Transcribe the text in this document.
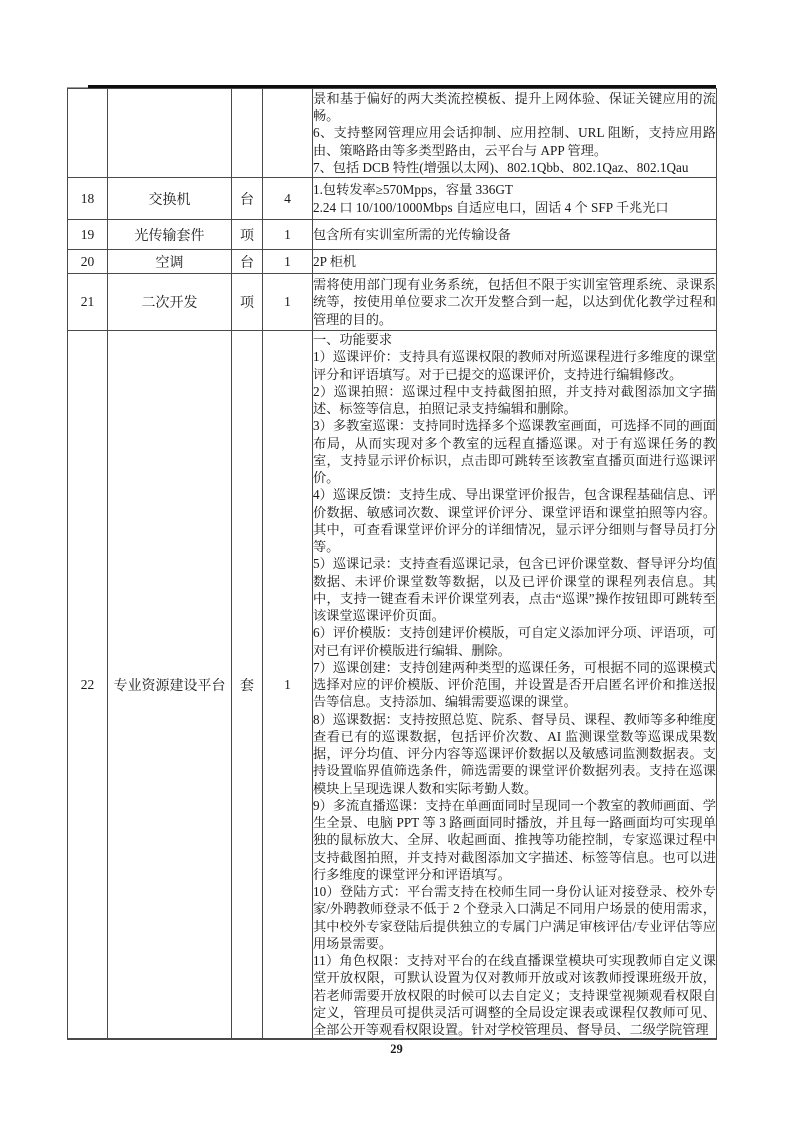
				景和基于偏好的两大类流控模板、提升上网体验、保证关键应用的流畅。

6、支持整网管理应用会话抑制、应用控制、URL 阻断，支持应用路由、策略路由等多类型路由，云平台与 APP 管理。

7、包括 DCB 特性(增强以太网)、802.1Qbb、802.1Qaz、802.1Qau

18	交换机	台	4	1.包转发率≥570Mpps，容量 336GT

2.24 口 10/100/1000Mbps 自适应电口，固话 4 个 SFP 千兆光口

19	光传输套件	项	1	包含所有实训室所需的光传输设备

20	空调	台	1	2P 柜机

21	二次开发	项	1	需将使用部门现有业务系统，包括但不限于实训室管理系统、录课系统等，按使用单位要求二次开发整合到一起，以达到优化教学过程和管理的目的。

22	专业资源建设平台	套	1	

一、功能要求

1）巡课评价：支持具有巡课权限的教师对所巡课程进行多维度的课堂评分和评语填写。对于已提交的巡课评价，支持进行编辑修改。

2）巡课拍照：巡课过程中支持截图拍照，并支持对截图添加文字描述、标签等信息，拍照记录支持编辑和删除。

3）多教室巡课：支持同时选择多个巡课教室画面，可选择不同的画面布局，从而实现对多个教室的远程直播巡课。对于有巡课任务的教室，支持显示评价标识，点击即可跳转至该教室直播页面进行巡课评价。

4）巡课反馈：支持生成、导出课堂评价报告，包含课程基础信息、评价数据、敏感词次数、课堂评价评分、课堂评语和课堂拍照等内容。其中，可查看课堂评价评分的详细情况，显示评分细则与督导员打分等。

5）巡课记录：支持查看巡课记录，包含已评价课堂数、督导评分均值数据、未评价课堂数等数据，以及已评价课堂的课程列表信息。其中，支持一键查看未评价课堂列表，点击“巡课”操作按钮即可跳转至该课堂巡课评价页面。

6）评价模版：支持创建评价模版，可自定义添加评分项、评语项，可对已有评价模版进行编辑、删除。

7）巡课创建：支持创建两种类型的巡课任务，可根据不同的巡课模式选择对应的评价模版、评价范围，并设置是否开启匿名评价和推送报告等信息。支持添加、编辑需要巡课的课堂。

8）巡课数据：支持按照总览、院系、督导员、课程、教师等多种维度查看已有的巡课数据，包括评价次数、AI 监测课堂数等巡课成果数据，评分均值、评分内容等巡课评价数据以及敏感词监测数据表。支持设置临界值筛选条件，筛选需要的课堂评价数据列表。支持在巡课模块上呈现选课人数和实际考勤人数。

9）多流直播巡课：支持在单画面同时呈现同一个教室的教师画面、学生全景、电脑 PPT 等 3 路画面同时播放，并且每一路画面均可实现单独的鼠标放大、全屏、收起画面、推拽等功能控制，专家巡课过程中支持截图拍照，并支持对截图添加文字描述、标签等信息。也可以进行多维度的课堂评分和评语填写。

10）登陆方式：平台需支持在校师生同一身份认证对接登录、校外专家/外聘教师登录不低于 2 个登录入口满足不同用户场景的使用需求，其中校外专家登陆后提供独立的专属门户满足审核评估/专业评估等应用场景需要。

11）角色权限：支持对平台的在线直播课堂模块可实现教师自定义课堂开放权限，可默认设置为仅对教师开放或对该教师授课班级开放，若老师需要开放权限的时候可以去自定义；支持课堂视频观看权限自定义，管理员可提供灵活可调整的全局设定课表或课程仅教师可见、全部公开等观看权限设置。针对学校管理员、督导员、二级学院管理

29
